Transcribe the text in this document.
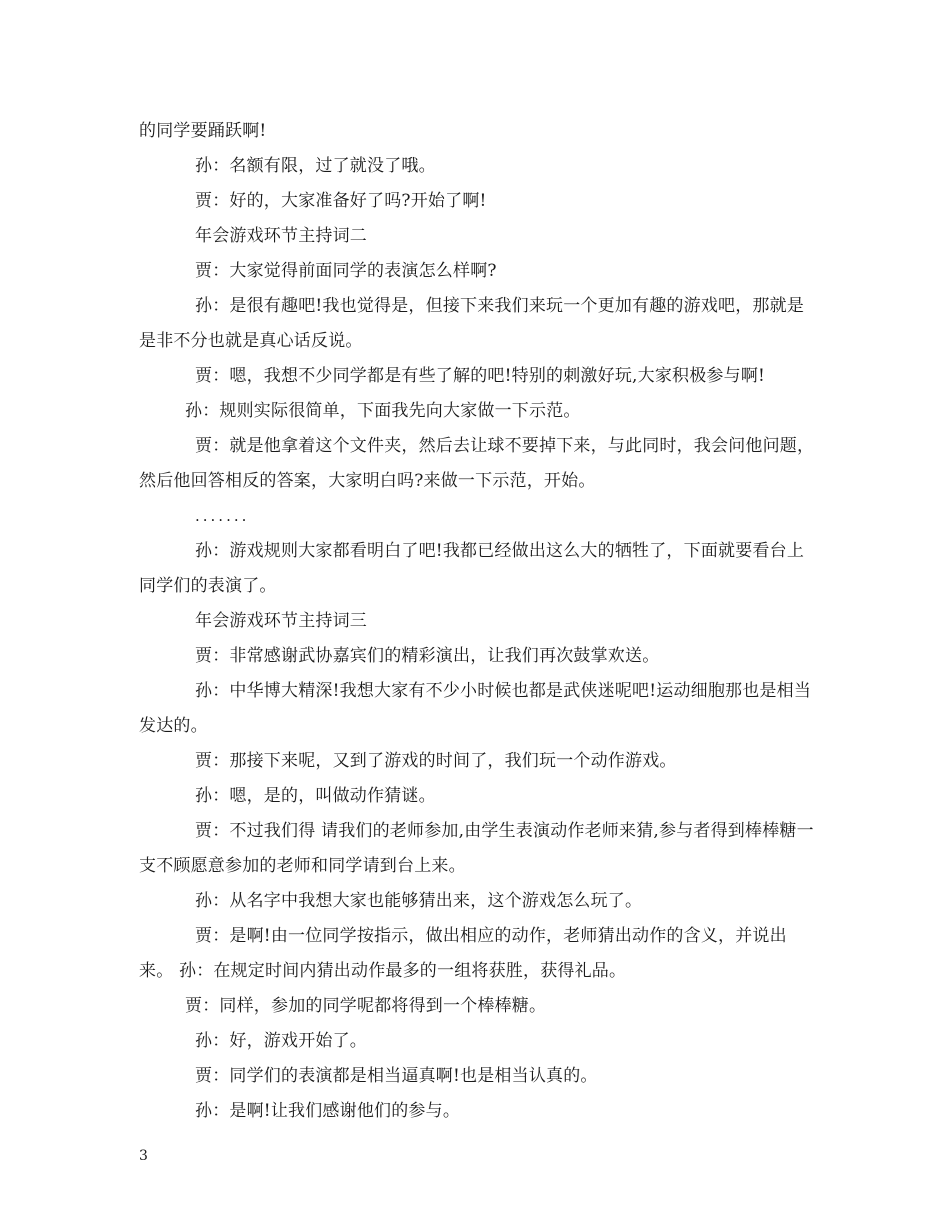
的同学要踊跃啊!

孙：名额有限，过了就没了哦。

贾：好的，大家准备好了吗?开始了啊!

年会游戏环节主持词二

贾：大家觉得前面同学的表演怎么样啊?

孙：是很有趣吧!我也觉得是，但接下来我们来玩一个更加有趣的游戏吧，那就是是非不分也就是真心话反说。

贾：嗯，我想不少同学都是有些了解的吧!特别的刺激好玩,大家积极参与啊!

孙：规则实际很简单，下面我先向大家做一下示范。

贾：就是他拿着这个文件夹，然后去让球不要掉下来，与此同时，我会问他问题，然后他回答相反的答案，大家明白吗?来做一下示范，开始。

.......

孙：游戏规则大家都看明白了吧!我都已经做出这么大的牺牲了，下面就要看台上同学们的表演了。

年会游戏环节主持词三

贾：非常感谢武协嘉宾们的精彩演出，让我们再次鼓掌欢送。

孙：中华博大精深!我想大家有不少小时候也都是武侠迷呢吧!运动细胞那也是相当发达的。

贾：那接下来呢，又到了游戏的时间了，我们玩一个动作游戏。

孙：嗯，是的，叫做动作猜谜。

贾：不过我们得 请我们的老师参加,由学生表演动作老师来猜,参与者得到棒棒糖一支不顾愿意参加的老师和同学请到台上来。

孙：从名字中我想大家也能够猜出来，这个游戏怎么玩了。

贾：是啊!由一位同学按指示，做出相应的动作，老师猜出动作的含义，并说出来。 孙：在规定时间内猜出动作最多的一组将获胜，获得礼品。

贾：同样，参加的同学呢都将得到一个棒棒糖。

孙：好，游戏开始了。

贾：同学们的表演都是相当逼真啊!也是相当认真的。

孙：是啊!让我们感谢他们的参与。

3
